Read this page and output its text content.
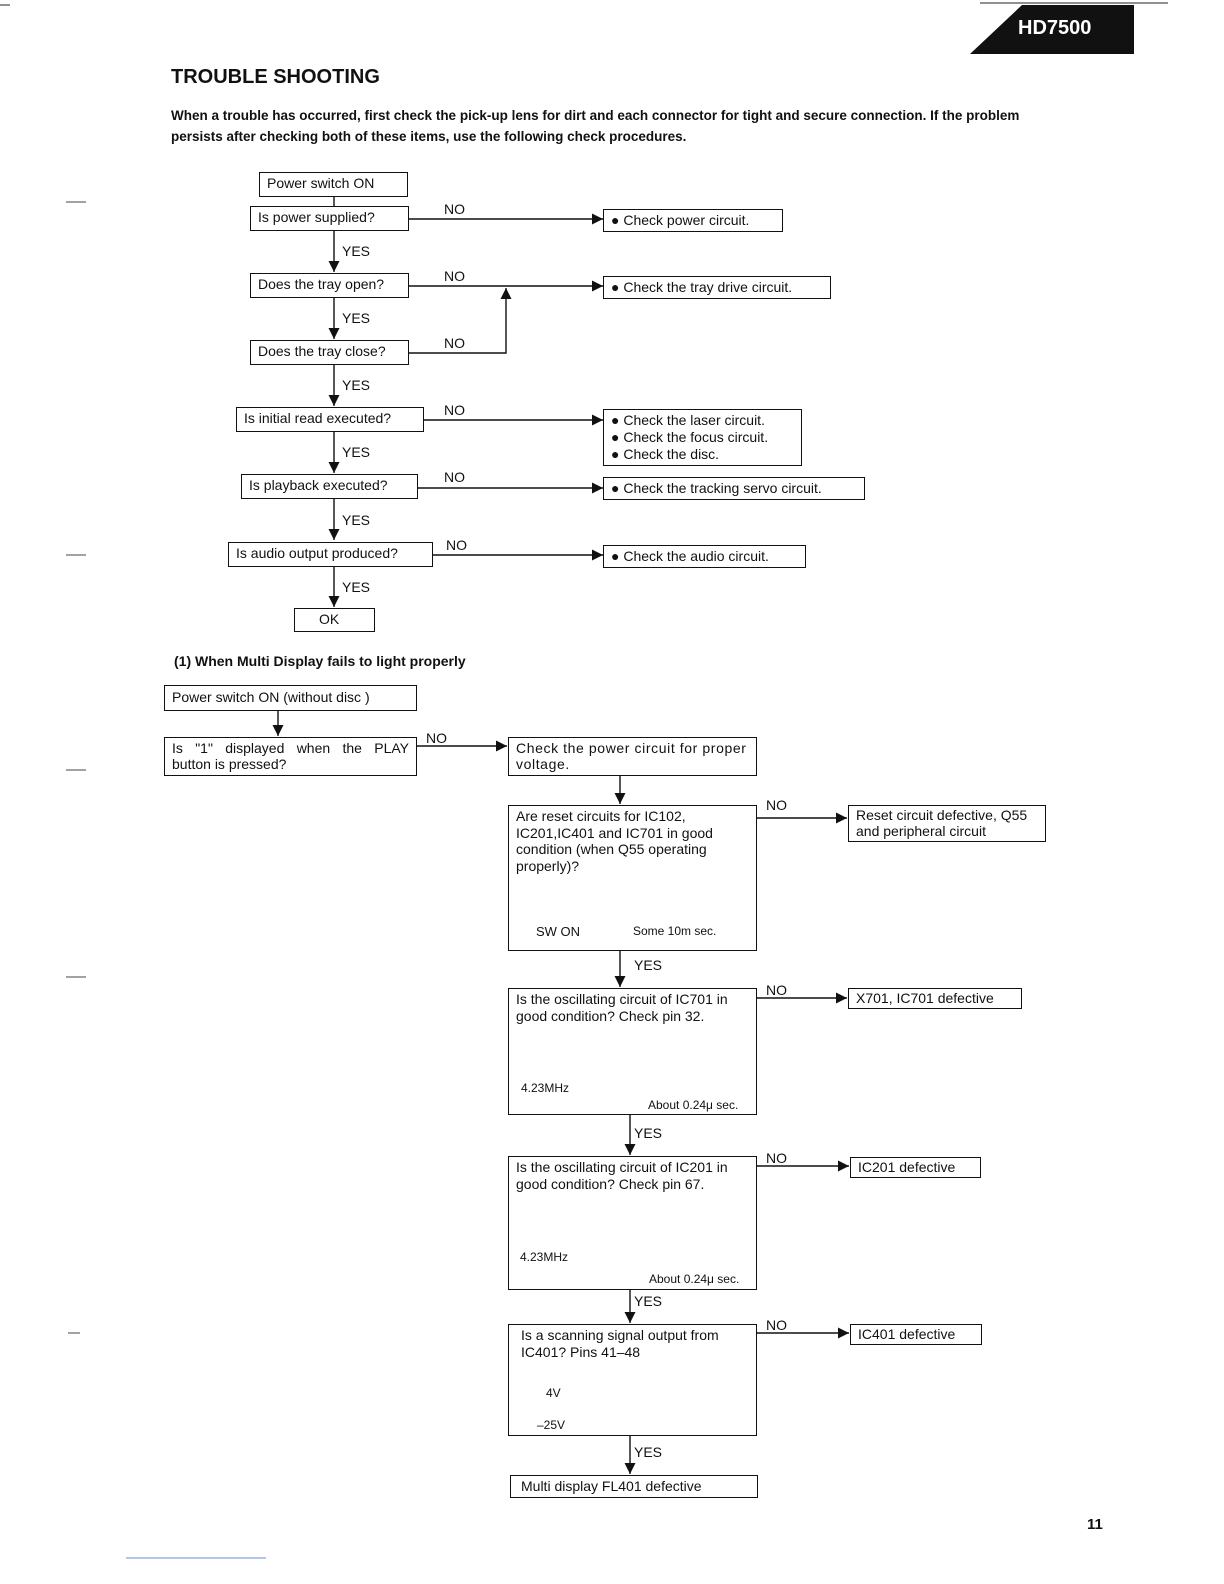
HD7500
TROUBLE SHOOTING
When a trouble has occurred, first check the pick-up lens for dirt and each connector for tight and secure connection. If the problem persists after checking both of these items, use the following check procedures.
Power switch ON
Is power supplied?
Does the tray open?
Does the tray close?
Is initial read executed?
Is playback executed?
Is audio output produced?
OK
● Check power circuit.
● Check the tray drive circuit.
● Check the laser circuit.
● Check the focus circuit.
● Check the disc.
● Check the tracking servo circuit.
● Check the audio circuit.
YES
YES
YES
YES
YES
YES
NO
NO
NO
NO
NO
NO
(1) When Multi Display fails to light properly
Power switch ON (without disc )
Is "1" displayed when the PLAY button is pressed?
Check the power circuit for proper voltage.
Are reset circuits for IC102, IC201,IC401 and IC701 in good condition (when Q55 operating properly)?
SW ON	Some 10m sec.
Is the oscillating circuit of IC701 in good condition? Check pin 32.
4.23MHz
About 0.24μ sec.
Is the oscillating circuit of IC201 in good condition? Check pin 67.
4.23MHz
About 0.24μ sec.
Is a scanning signal output from IC401? Pins 41–48
4V
–25V
Multi display FL401 defective
Reset circuit defective, Q55 and peripheral circuit
X701, IC701 defective
IC201 defective
IC401 defective
NO
NO
YES
NO
YES
NO
YES
NO
YES
11
